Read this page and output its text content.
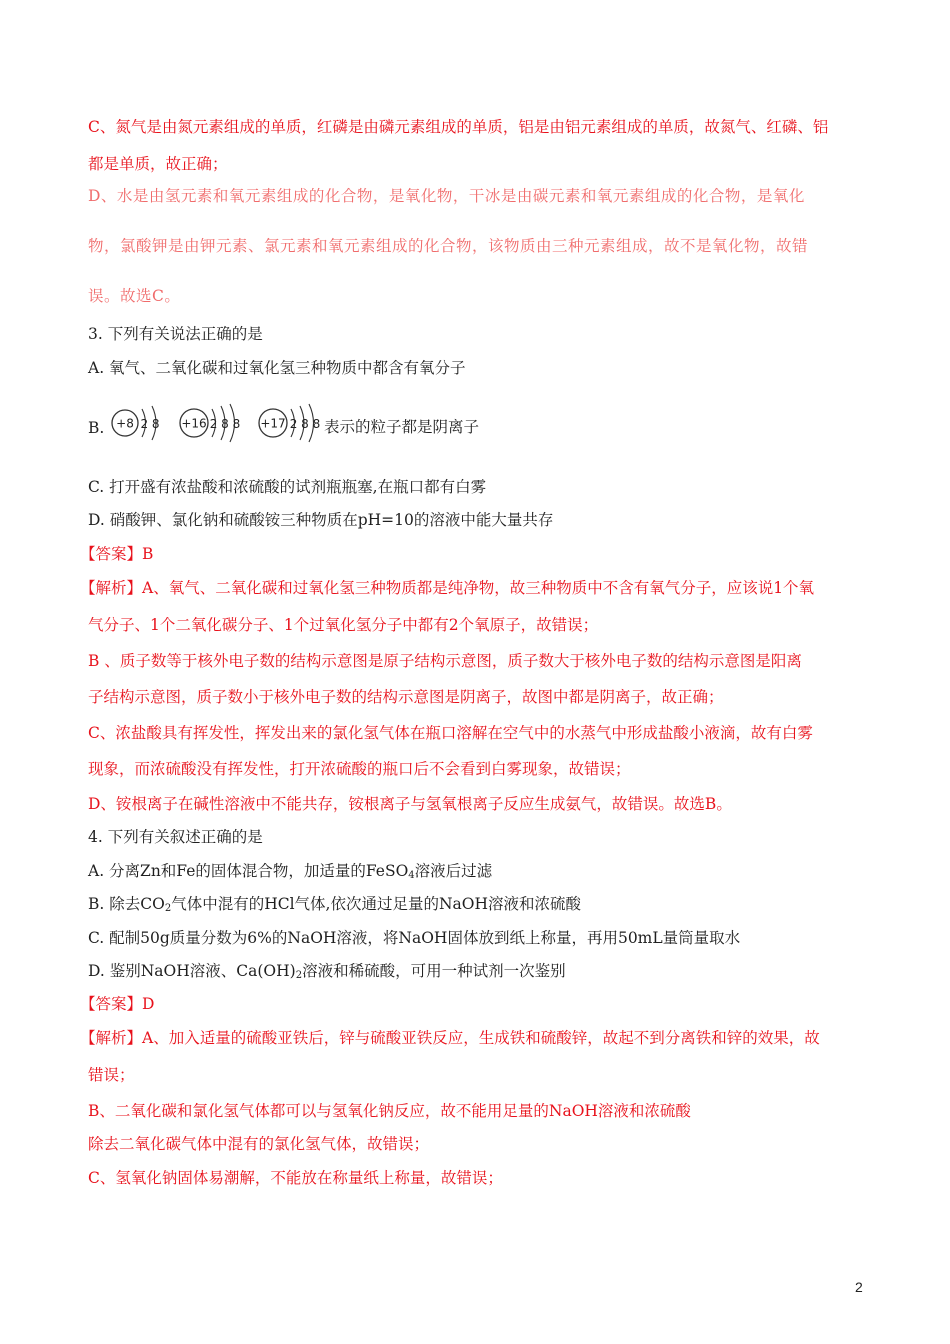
C、氮气是由氮元素组成的单质，红磷是由磷元素组成的单质，铝是由铝元素组成的单质，故氮气、红磷、铝
都是单质，故正确；
D、水是由氢元素和氧元素组成的化合物，是氧化物，干冰是由碳元素和氧元素组成的化合物，是氧化
物，氯酸钾是由钾元素、氯元素和氧元素组成的化合物，该物质由三种元素组成，故不是氧化物，故错
误。故选C。
3. 下列有关说法正确的是
A. 氧气、二氧化碳和过氧化氢三种物质中都含有氧分子
B. +8 2 8 +16 2 8 8 +17 2 8 8 表示的粒子都是阴离子
C. 打开盛有浓盐酸和浓硫酸的试剂瓶瓶塞,在瓶口都有白雾
D. 硝酸钾、氯化钠和硫酸铵三种物质在pH=10的溶液中能大量共存
【答案】B
【解析】A、氧气、二氧化碳和过氧化氢三种物质都是纯净物，故三种物质中不含有氧气分子，应该说1个氧
气分子、1个二氧化碳分子、1个过氧化氢分子中都有2个氧原子，故错误；
B 、质子数等于核外电子数的结构示意图是原子结构示意图，质子数大于核外电子数的结构示意图是阳离
子结构示意图，质子数小于核外电子数的结构示意图是阴离子，故图中都是阴离子，故正确；
C、浓盐酸具有挥发性，挥发出来的氯化氢气体在瓶口溶解在空气中的水蒸气中形成盐酸小液滴，故有白雾
现象，而浓硫酸没有挥发性，打开浓硫酸的瓶口后不会看到白雾现象，故错误；
D、铵根离子在碱性溶液中不能共存，铵根离子与氢氧根离子反应生成氨气，故错误。故选B。
4. 下列有关叙述正确的是
A. 分离Zn和Fe的固体混合物，加适量的FeSO$_4$溶液后过滤
B. 除去$CO_2$气体中混有的HCl气体,依次通过足量的NaOH溶液和浓硫酸
C. 配制50g质量分数为6%的NaOH溶液，将NaOH固体放到纸上称量，再用50mL量筒量取水
D. 鉴别NaOH溶液、$Ca(OH)_2$溶液和稀硫酸，可用一种试剂一次鉴别
【答案】D
【解析】A、加入适量的硫酸亚铁后，锌与硫酸亚铁反应，生成铁和硫酸锌，故起不到分离铁和锌的效果，故
错误；
B、二氧化碳和氯化氢气体都可以与氢氧化钠反应，故不能用足量的NaOH溶液和浓硫酸
除去二氧化碳气体中混有的氯化氢气体，故错误；
C、氢氧化钠固体易潮解，不能放在称量纸上称量，故错误；
2
